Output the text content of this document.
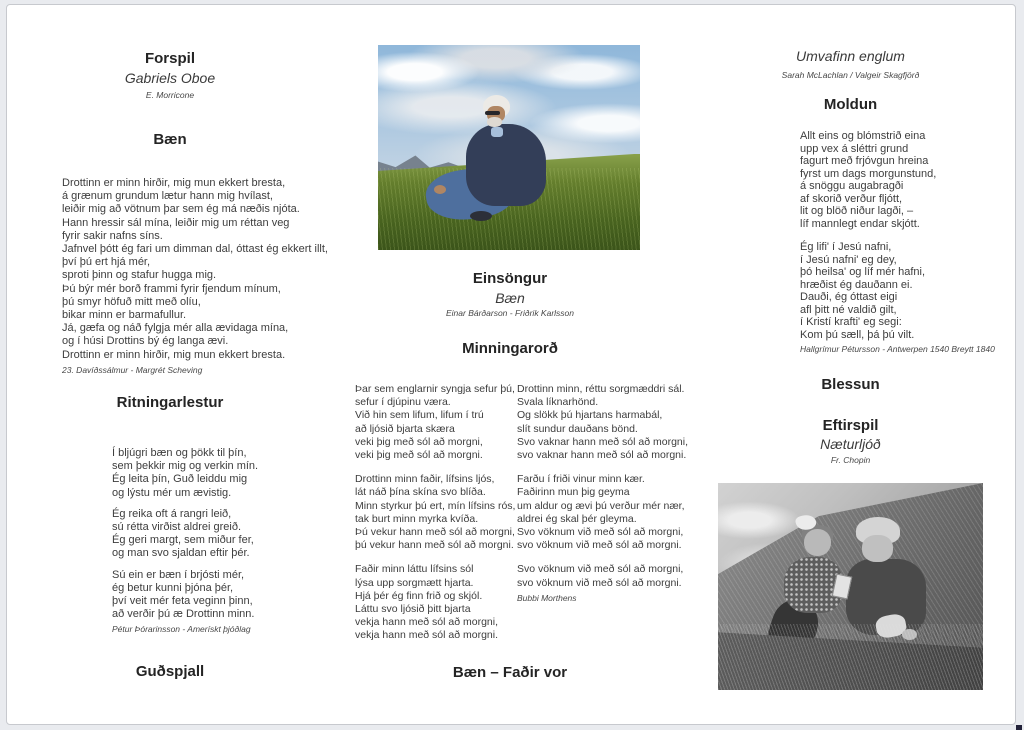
Forspil
Gabriels Oboe
E. Morricone
Bæn
Drottinn er minn hirðir, mig mun ekkert bresta,
á grænum grundum lætur hann mig hvílast,
leiðir mig að vötnum þar sem ég má næðis njóta.
Hann hressir sál mína, leiðir mig um réttan veg
fyrir sakir nafns síns.
Jafnvel þótt ég fari um dimman dal, óttast ég ekkert illt,
því þú ert hjá mér,
sproti þinn og stafur hugga mig.
Þú býr mér borð frammi fyrir fjendum mínum,
þú smyr höfuð mitt með olíu,
bikar minn er barmafullur.
Já, gæfa og náð fylgja mér alla ævidaga mína,
og í húsi Drottins bý ég langa ævi.
Drottinn er minn hirðir, mig mun ekkert bresta.
23. Davíðssálmur - Margrét Scheving
Ritningarlestur
Í bljúgri bæn og þökk til þín,
sem þekkir mig og verkin mín.
Ég leita þín, Guð leiddu mig
og lýstu mér um ævistig.
Ég reika oft á rangri leið,
sú rétta virðist aldrei greið.
Ég geri margt, sem miður fer,
og man svo sjaldan eftir þér.
Sú ein er bæn í brjósti mér,
ég betur kunni þjóna þér,
því veit mér feta veginn þinn,
að verðir þú æ Drottinn minn.
Pétur Þórarinsson - Amerískt þjóðlag
Guðspjall
Einsöngur
Bæn
Einar Bárðarson - Friðrik Karlsson
Minningarorð
Þar sem englarnir syngja sefur þú,
sefur í djúpinu væra.
Við hin sem lifum, lifum í trú
að ljósið bjarta skæra
veki þig með sól að morgni,
veki þig með sól að morgni.
Drottinn minn faðir, lífsins ljós,
lát náð þína skína svo blíða.
Minn styrkur þú ert, mín lífsins rós,
tak burt minn myrka kvíða.
Þú vekur hann með sól að morgni,
þú vekur hann með sól að morgni.
Faðir minn láttu lífsins sól
lýsa upp sorgmætt hjarta.
Hjá þér ég finn frið og skjól.
Láttu svo ljósið þitt bjarta
vekja hann með sól að morgni,
vekja hann með sól að morgni.
Drottinn minn, réttu sorgmæddri sál.
Svala líknarhönd.
Og slökk þú hjartans harmabál,
slít sundur dauðans bönd.
Svo vaknar hann með sól að morgni,
svo vaknar hann með sól að morgni.
Farðu í friði vinur minn kær.
Faðirinn mun þig geyma
um aldur og ævi þú verður mér nær,
aldrei ég skal þér gleyma.
Svo vöknum við með sól að morgni,
svo vöknum við með sól að morgni.
Svo vöknum við með sól að morgni,
svo vöknum við með sól að morgni.
Bubbi Morthens
Bæn – Faðir vor
Umvafinn englum
Sarah McLachlan / Valgeir Skagfjörð
Moldun
Allt eins og blómstrið eina
upp vex á sléttri grund
fagurt með frjóvgun hreina
fyrst um dags morgunstund,
á snöggu augabragði
af skorið verður fljótt,
lit og blöð niður lagði, –
líf mannlegt endar skjótt.
Ég lifi' í Jesú nafni,
í Jesú nafni' eg dey,
þó heilsa' og líf mér hafni,
hræðist ég dauðann ei.
Dauði, ég óttast eigi
afl þitt né valdið gilt,
í Kristí krafti' eg segi:
Kom þú sæll, þá þú vilt.
Hallgrímur Pétursson - Antwerpen 1540 Breytt 1840
Blessun
Eftirspil
Næturljóð
Fr. Chopin
